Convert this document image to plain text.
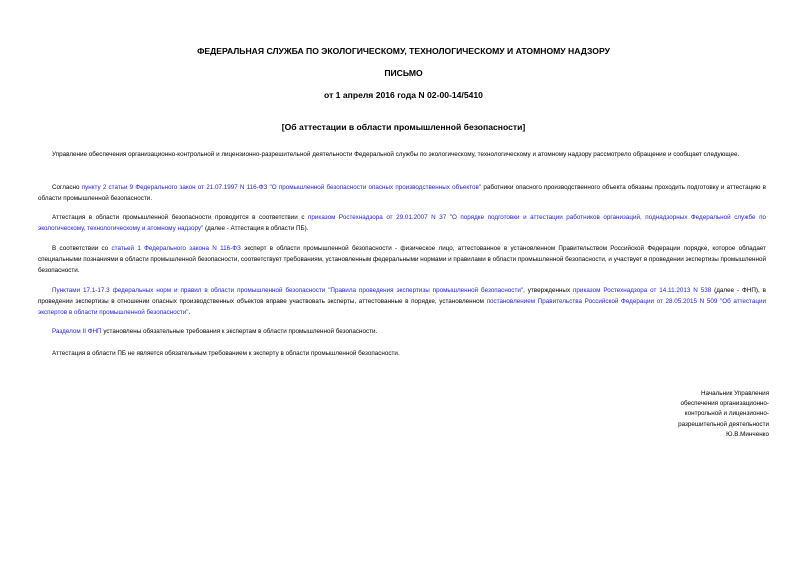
ФЕДЕРАЛЬНАЯ СЛУЖБА ПО ЭКОЛОГИЧЕСКОМУ, ТЕХНОЛОГИЧЕСКОМУ И АТОМНОМУ НАДЗОРУ
ПИСЬМО
от 1 апреля 2016 года N 02-00-14/5410
[Об аттестации в области промышленной безопасности]
Управление обеспечения организационно-контрольной и лицензионно-разрешительной деятельности Федеральной службы по экологическому, технологическому и атомному надзору рассмотрело обращение и сообщает следующее.
Согласно пункту 2 статьи 9 Федерального закон от 21.07.1997 N 116-ФЗ "О промышленной безопасности опасных производственных объектов" работники опасного производственного объекта обязаны проходить подготовку и аттестацию в области промышленной безопасности.
Аттестация в области промышленной безопасности проводится в соответствии с приказом Ростехнадзора от 29.01.2007 N 37 "О порядке подготовки и аттестации работников организаций, поднадзорных Федеральной службе по экологическому, технологическому и атомному надзору" (далее - Аттестация в области ПБ).
В соответствии со статьей 1 Федерального закона N 116-ФЗ эксперт в области промышленной безопасности - физическое лицо, аттестованное в установленном Правительством Российской Федерации порядке, которое обладает специальными познаниями в области промышленной безопасности, соответствует требованиям, установленным федеральными нормами и правилами в области промышленной безопасности, и участвует в проведении экспертизы промышленной безопасности.
Пунктами 17.1-17.3 федеральных норм и правил в области промышленной безопасности "Правила проведения экспертизы промышленной безопасности", утвержденных приказом Ростехнадзора от 14.11.2013 N 538 (далее - ФНП), в проведении экспертизы в отношении опасных производственных объектов вправе участвовать эксперты, аттестованные в порядке, установленном постановлением Правительства Российской Федерации от 28.05.2015 N 509 "Об аттестации экспертов в области промышленной безопасности".
Разделом II ФНП установлены обязательные требования к экспертам в области промышленной безопасности.
Аттестация в области ПБ не является обязательным требованием к эксперту в области промышленной безопасности.
Начальник Управления
обеспечения организационно-
контрольной и лицензионно-
разрешительной деятельности
Ю.В.Минченко
